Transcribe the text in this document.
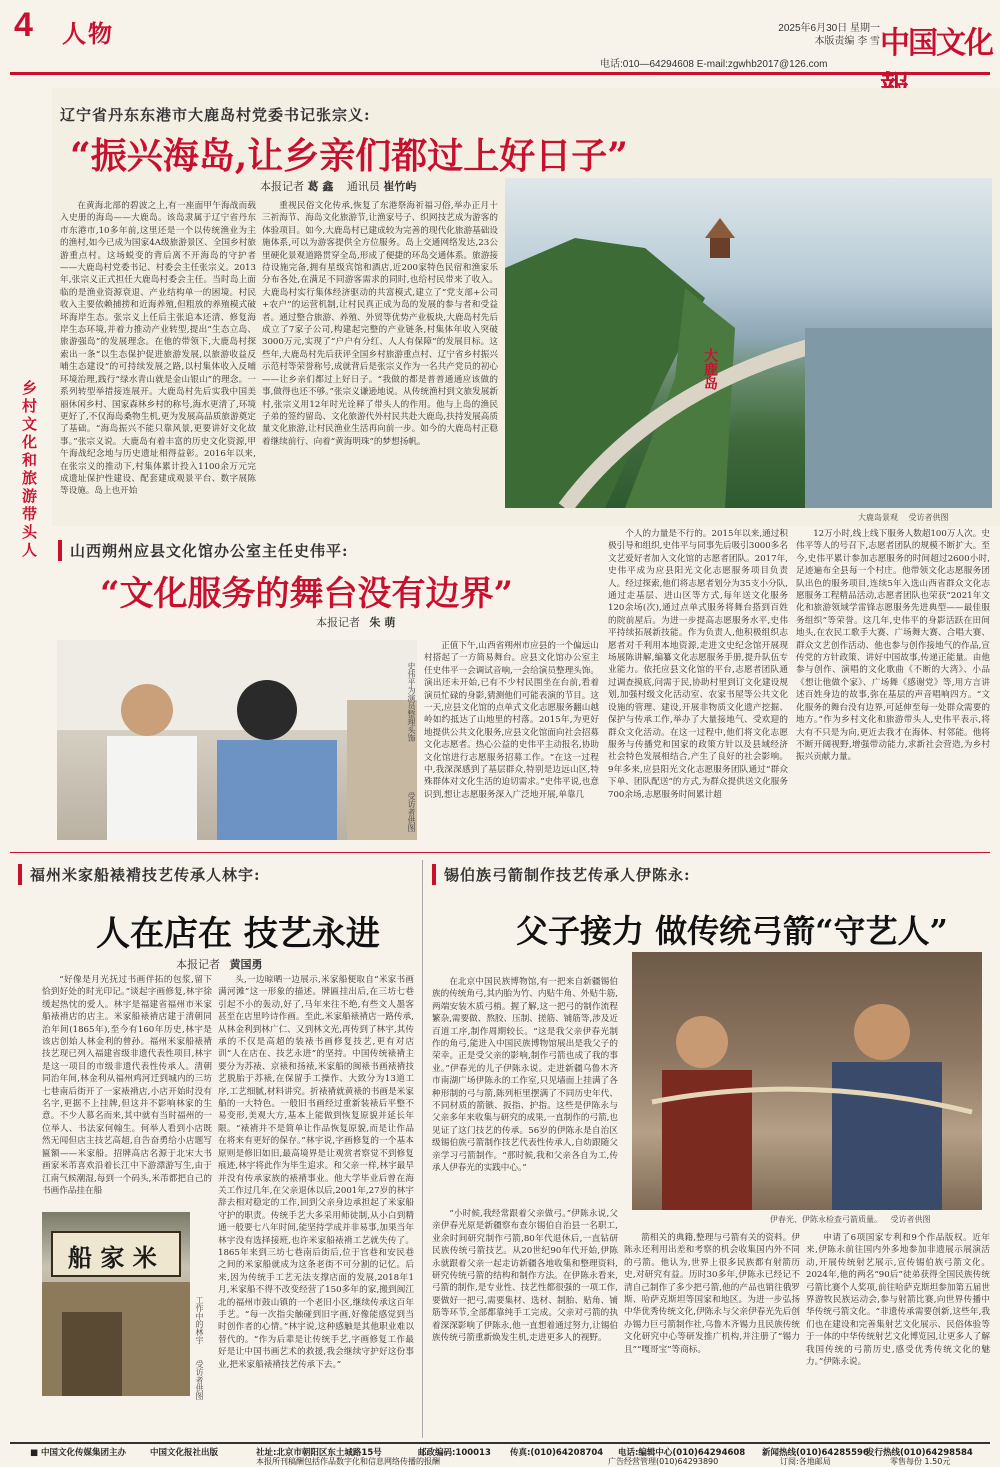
4 人物	2025年6月30日 星期一
本版责编 李 雪
电话:010—64294608 E-mail:zgwhb2017@126.com
中国文化
乡村文化和旅游带头人
辽宁省丹东东港市大鹿岛村党委书记张宗义:
“振兴海岛,让乡亲们都过上好日子”
本报记者 葛 鑫 通讯员 崔竹屿

在黄海北部的碧波之上,有一座面甲午海战而载入史册的海岛——大鹿岛。该岛隶属于辽宁省丹东市东港市,10多年前,这里还是一个以传统渔业为主的渔村,如今已成为国家4A级旅游景区、全国乡村旅游重点村。这场蜕变的背后离不开海岛的守护者——大鹿岛村党委书记、村委会主任张宗义。2013年,张宗义正式担任大鹿岛村委会主任。当时岛上面临的是渔业资源衰退、产业结构单一的困境。村民收入主要依赖捕捞和近海养殖,但粗放的养殖模式破坏海岸生态。张宗义上任后主张追本还清、修复海岸生态环境,并着力推动产业转型,提出“生态立岛、旅游强岛”的发展理念。在他的带领下,大鹿岛村探索出一条“以生态保护促进旅游发展,以旅游收益反哺生态建设”的可持续发展之路,以村集体收入反哺环境治理,践行“绿水青山就是金山银山”的理念。一系列转型举措接连展开。大鹿岛村先后实我中国美丽休闲乡村、国家森林乡村的称号,海水更清了,环境更好了,不仅海岛桑物生机,更为发展高品质旅游奠定了基础。“海岛振兴不能只靠风景,更要讲好文化故事。”张宗义说。大鹿岛有着丰富的历史文化资源,甲午海战纪念地与历史遗址相得益彰。2016年以来,在张宗义的推动下,村集体累计投入1100余万元完成遗址保护性建设、配套建成观景平台、数字展陈等设施。岛上也开始

重视民俗文化传承,恢复了东港祭海祈福习俗,举办正月十三祈海节、海岛文化旅游节,让渔家号子、织网技艺成为游客的体验项目。如今,大鹿岛村已建成较为完善的现代化旅游基础设施体系,可以为游客提供全方位服务。岛上交通网络发达,23公里硬化景观道路贯穿全岛,形成了便捷的环岛交通体系。旅游接待设施完备,拥有星级宾馆和酒店,近200家特色民宿和渔家乐分布各处,在满足不同游客需求的同时,也给村民带来了收入。大鹿岛村实行集体经济驱动的共富模式,建立了“党支部+公司+农户”的运营机制,让村民真正成为岛的发展的参与者和受益者。通过整合旅游、养殖、外贸等优势产业板块,大鹿岛村先后成立了7家子公司,构建起完整的产业链条,村集体年收入突破3000万元,实现了“户户有分红、人人有保障”的发展目标。这些年,大鹿岛村先后获评全国乡村旅游重点村、辽宁省乡村振兴示范村等荣誉称号,成就背后是张宗义作为一名共产党员的初心——让乡亲们都过上好日子。“我做的都是普普通通应该做的事,做得也还不够。”张宗义谦逊地说。从传统渔村到文旅发展新村,张宗义用12年时光诠释了带头人的作用。他与上岛的渔民子弟的签约留岛、文化旅游代外村民共赴大鹿岛,扶持发展高质量文化旅游,让村民渔业生活再向前一步。如今的大鹿岛村正稳着继续前行、向着“黄海明珠”的梦想扬帆。

大鹿岛
大鹿岛景观 受访者供图
山西朔州应县文化馆办公室主任史伟平:
“文化服务的舞台没有边界”
本报记者 朱 萌
史伟平为演员整理头饰
受访者供图

正值下午,山西省朔州市应县的一个偏远山村搭起了一方简易舞台。应县文化馆办公室主任史伟平一会调试音响,一会给演员整理头饰。演出还未开始,已有不少村民围坐在台前,看着演员忙碌的身影,猜测他们可能表演的节目。这一天,应县文化馆的点单式文化志愿服务翻山越岭如约抵达了山地里的村落。2015年,为更好地提供公共文化服务,应县文化馆面向社会招募文化志愿者。热心公益的史伟平主动报名,协助文化馆进行志愿服务招募工作。“在这一过程中,我深深感到了基层群众,特别是边远山区,特殊群体对文化生活的迫切需求。”史伟平说,也意识到,想让志愿服务深入广泛地开展,单靠几

个人的力量是不行的。2015年以来,通过积极引导和组织,史伟平与同事先后吸引3000多名文艺爱好者加入文化馆的志愿者团队。2017年,史伟平成为应县阳光文化志愿服务项目负责人。经过探索,他们将志愿者划分为35支小分队,通过走基层、进山区等方式,每年送文化服务120余场(次),通过点单式服务将舞台搭到百姓的院前屋后。为进一步提高志愿服务水平,史伟平持续拓展新技能。作为负责人,他积极组织志愿者对千利用本地资源,走进文史纪念馆开展现场展陈讲解,编纂文化志愿服务手册,提升队伍专业能力。依托应县文化馆的平台,志愿者团队通过调查摸底,问需于民,协助村里到订文化建设规划,加强村级文化活动室、农家书屋等公共文化设施的管理、建设,开展非物质文化遗产挖掘、保护与传承工作,举办了大量接地气、受欢迎的群众文化活动。在这一过程中,他们将文化志愿服务与传播党和国家的政策方针以及县域经济社会特色发展相结合,产生了良好的社会影响。9年多来,应县阳光文化志愿服务团队通过“群众下单、团队配送”的方式,为群众提供送文化服务700余场,志愿服务时间累计超

12万小时,线上线下服务人数超100万人次。史伟平等人的号召下,志愿者团队的规模不断扩大。至今,史伟平累计参加志愿服务的时间超过2600小时,足迹遍布全县每一个村庄。他带领文化志愿服务团队出色的服务项目,连续5年入选山西省群众文化志愿服务工程精品活动,志愿者团队也荣获“2021年文化和旅游领域学雷锋志愿服务先进典型——最佳服务组织”等荣誉。这几年,史伟平的身影活跃在田间地头,在农民工歌手大赛、广场舞大赛、合唱大赛、群众文艺创作活动、他也参与创作接地气的作品,宣传党的方针政策、讲好中国故事,传递正能量。由他参与创作、演唱的文化歌曲《不断的大湾》、小品《想让他做个家》、广场舞《感谢党》等,用方言讲述百姓身边的故事,弥在基层的声音唱响四方。“文化服务的舞台没有边界,可延伸至每一处群众需要的地方。”作为乡村文化和旅游带头人,史伟平表示,将大有不只是为向,更近去我才在海体、村邻能。他将不断开阔视野,增强带动能力,求新社会营造,为乡村振兴贡献力量。

福州米家船裱褙技艺传承人林宇:
人在店在 技艺永进
本报记者 黄国勇

“好像是月光抚过书画伴拓的包浆,留下恰到好处的时光印记。”谈起字画修复,林宇徐缓起热忱的爱人。林宇是福建省福州市米家船裱褙店的店主。米家船裱褙店建于清朝同治年间(1865年),至今有160年历史,林宇是该店创始人林金利的曾孙。福州米家船裱褙技艺现已列入福建省级非遗代表性项目,林宇是这一项目的市级非遗代表性传承人。清朝同治年间,林金利从福州鸡河迁到城内的三坊七巷南后街开了一家裱褙店,小店开始时没有名字,更据不上挂牌,但这并不影响林家的生意。不少人慕名而来,其中就有当时福州的一位举人、书法家何翰生。何举人看到小店既然无闻但店主技艺高超,自告奋勇给小店题写匾额——米家船。招牌高店名源于北宋大书画家米芾喜欢沿着长江中下游漂游写生,由于江南气候潮湿,每到一个码头,米芾都把自己的书画作品挂在船

头,一边晾晒一边展示,米家船便取自“米家书画满河滩”这一形象的描述。牌匾挂出后,在三坊七巷引起不小的轰动,好了,马年来往不绝,有些文人墨客甚至在店里吟诗作画。至此,米家船裱褙店一路传承,从林金利到林广仁、又到林文光,再传到了林宇,其传承的不仅是高超的装裱书画修复技艺,更有对店训“人在店在、技艺永进”的坚持。中国传统裱褙主要分为苏裱、京裱和扬裱,米家船的闽裱书画裱褙技艺脱胎于苏裱,在保留手工操作、大致分为13道工序,工艺细腻,材料讲究。折裱褙就黄裱的书画是米家船的一大特色。一般旧书画经过重新装裱后平整不易变形,美观大方,基本上能做到恢复原貌并延长年限。“裱褙并不是简单让作品恢复原貌,而是让作品在将来有更好的保存。”林宇说,字画修复的一个基本原则是修旧如旧,最高境界是让观赏者察觉不到修复痕迹,林宇将此作为毕生追求。和父亲一样,林宇最早并没有传承家族的裱褙事业。他大学毕业后曾在海关工作过几年,在父亲退休以后,2001年,27岁的林宇辞去相对稳定的工作,回到父亲身边承担起了米家船守护的职责。传统手艺大多采用师徒制,从小白到精通一般要七八年时间,能坚持学成并非易事,加果当年林宇没有选择接班,也许米家船裱褙工艺就失传了。1865年来到三坊七巷南后街后,位于宫巷和安民巷之间的米家船就成为这条老街不可分割的记忆。后来,因为传统手工艺无法支撑店面的发展,2018年1月,米家船不得不改变经营了150多年的家,搬到闽江北的福州市鼓山镇的一个老旧小区,继续传承这百年手艺。“每一次指尖触碰到旧字画,好像能感觉到当时创作者的心情。”林宇说,这种感触是其他职业难以替代的。“作为后辈是让传统手艺,字画修复工作最好是让中国书画艺术的救援,我会继续守护好这份事业,把米家船裱褙技艺传承下去。”

船 家 米
工作中的林宇
受访者供图
锡伯族弓箭制作技艺传承人伊陈永:
父子接力 做传统弓箭“守艺人”

在北京中国民族博物馆,有一把来自新疆锡伯族的传统角弓,其内胎为竹、内贴牛角、外贴牛筋,两端安装木质弓梢。握了解,这一把弓的制作流程繁杂,需要做、熬胶、压制、搓筋、铺筋等,涉及近百道工序,制作周期较长。“这是我父亲伊春光制作的角弓,能进入中国民族博物馆展出是我父子的荣幸。正是受父亲的影响,制作弓箭也成了我的事业。”伊春光的儿子伊陈永说。走进新疆乌鲁木齐市南湖广场伊陈永的工作室,只见墙面上挂满了各种形制的弓与箭,陈列柜里摆满了不同历史年代、不同材质的箭镞、扳指、护指。这些是伊陈永与父亲多年来收集与研究的成果,一直制作的弓箭,也见证了这门技艺的传承。56岁的伊陈永是自治区级锡伯族弓箭制作技艺代表性传承人,自幼跟随父亲学习弓箭制作。“那时候,我和父亲各自为工,传承人伊春光的实践中心。”

伊春光、伊陈永检查弓箭质量。 受访者供图

“小时候,我经常跟着父亲做弓。”伊陈永说,父亲伊春光原是新疆察布查尔锡伯自治县一名职工,业余时间研究制作弓箭,80年代退休后,一直钻研民族传统弓箭技艺。从20世纪90年代开始,伊陈永就跟着父亲一起走访新疆各地收集和整理资料,研究传统弓箭的结构和制作方法。在伊陈永看来,弓箭的制作,是专业性、技艺性都很强的一项工作,要做好一把弓,需要集材、选材、制胎、贴角、铺筋等环节,全部都靠纯手工完成。父亲对弓箭的执着深深影响了伊陈永,他一直想着通过努力,让锡伯族传统弓箭重新焕发生机,走进更多人的视野。

箭相关的典籍,整理与弓箭有关的资料。伊陈永还利用出差和考察的机会收集国内外不同的弓箭。他认为,世界上很多民族都有射箭历史,对研究有益。历时30多年,伊陈永已经记不清自己制作了多少把弓箭,他的产品也销往俄罗斯、哈萨克斯坦等国家和地区。为进一步弘扬中华优秀传统文化,伊陈永与父亲伊春光先后创办锡力巨弓箭制作社,乌鲁木齐锡力且民族传统文化研究中心等研发推广机构,并注册了“锡力且”“嘎哥宝”等商标。

申请了6项国家专利和9个作品版权。近年来,伊陈永前往国内外多地参加非遗展示展演活动,开展传统射艺展示,宣传锡伯族弓箭文化。2024年,他的两名“90后”徒弟获得全国民族传统弓箭比赛个人奖项,前往哈萨克斯坦参加第五届世界游牧民族运动会,参与射箭比赛,向世界传播中华传统弓箭文化。“非遗传承需要创新,这些年,我们也在建设和完善集射艺文化展示、民俗体验等于一体的中华传统射艺文化博览园,让更多人了解我国传统的弓箭历史,感受优秀传统文化的魅力。”伊陈永说。

■ 中国文化传媒集团主办	中国文化报社出版	社址:北京市朝阳区东土城路15号	邮政编码:100013 传真:(010)64208704 电话:编辑中心(010)64294608 新闻热线(010)64285596
发行热线(010)64298584
本报所刊稿酬包括作品数字化和信息网络传播的报酬	广告经营管理(010)64293890	订阅:各地邮局	零售每份 1.50元
